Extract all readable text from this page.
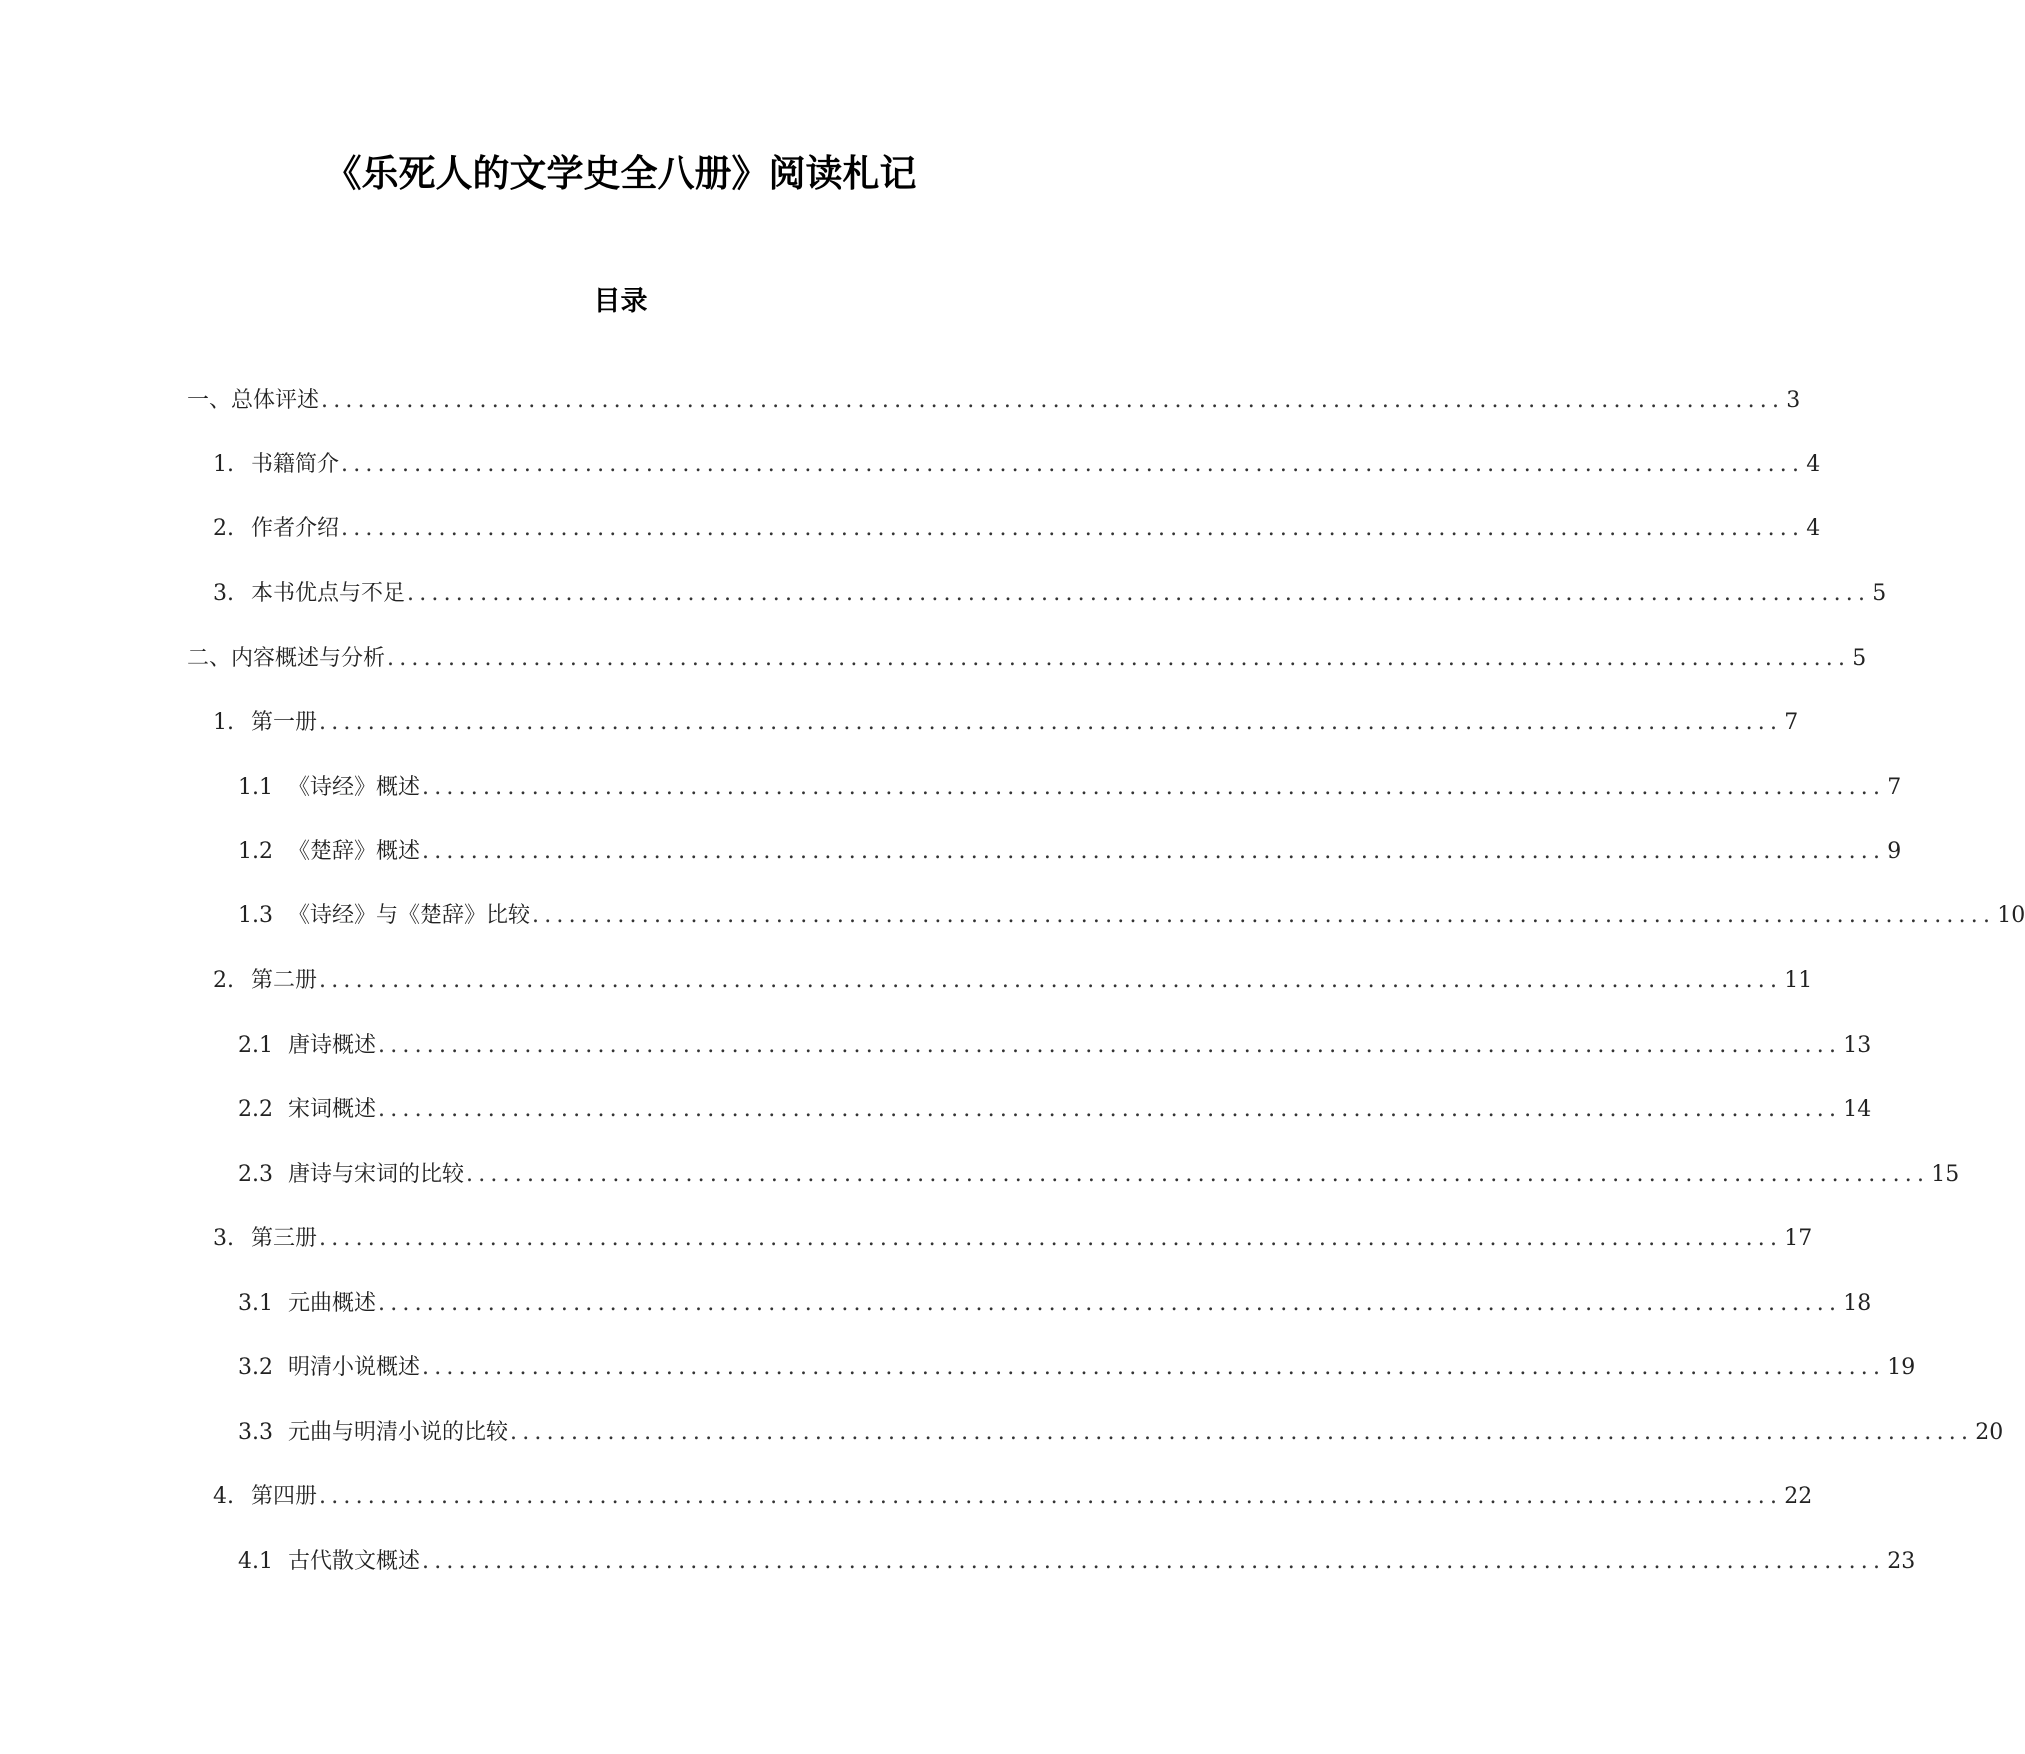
《乐死人的文学史全八册》阅读札记
目录
一、总体评述 ........................................................................................................................ 3
1. 书籍简介 ........................................................................................................................ 4
2. 作者介绍 ........................................................................................................................ 4
3. 本书优点与不足 ........................................................................................................................ 5
二、内容概述与分析 ........................................................................................................................ 5
1. 第一册 ........................................................................................................................ 7
1.1 《诗经》概述 ........................................................................................................................ 7
1.2 《楚辞》概述 ........................................................................................................................ 9
1.3 《诗经》与《楚辞》比较 ........................................................................................................................ 10
2. 第二册 ........................................................................................................................ 11
2.1 唐诗概述 ........................................................................................................................ 13
2.2 宋词概述 ........................................................................................................................ 14
2.3 唐诗与宋词的比较 ........................................................................................................................ 15
3. 第三册 ........................................................................................................................ 17
3.1 元曲概述 ........................................................................................................................ 18
3.2 明清小说概述 ........................................................................................................................ 19
3.3 元曲与明清小说的比较 ........................................................................................................................ 20
4. 第四册 ........................................................................................................................ 22
4.1 古代散文概述 ........................................................................................................................ 23
